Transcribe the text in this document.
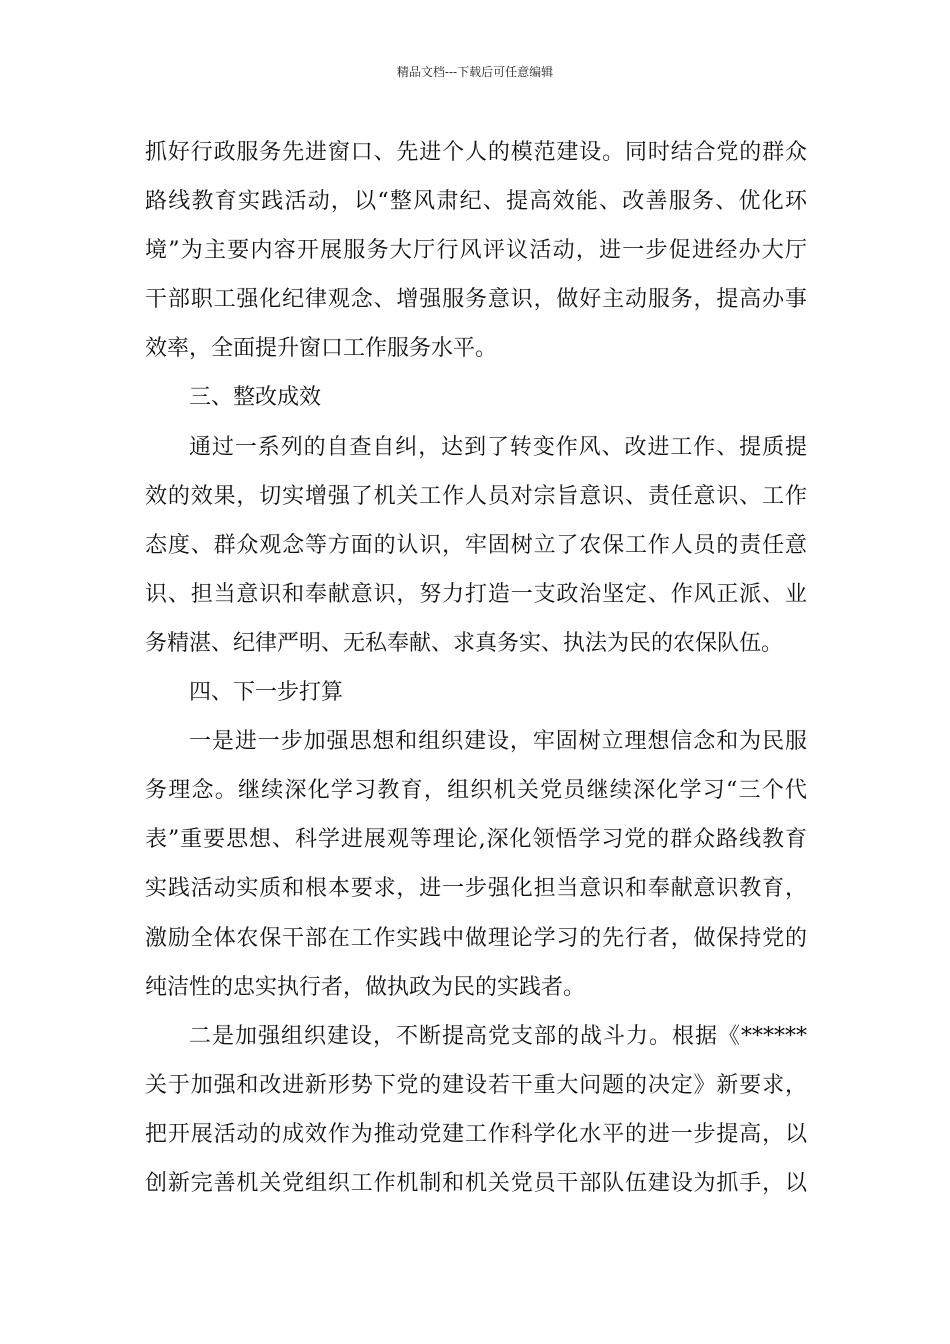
精品文档---下载后可任意编辑
抓好行政服务先进窗口、先进个人的模范建设。同时结合党的群众
路线教育实践活动，以“整风肃纪、提高效能、改善服务、优化环
境”为主要内容开展服务大厅行风评议活动，进一步促进经办大厅
干部职工强化纪律观念、增强服务意识，做好主动服务，提高办事
效率，全面提升窗口工作服务水平。
三、整改成效
通过一系列的自查自纠，达到了转变作风、改进工作、提质提
效的效果，切实增强了机关工作人员对宗旨意识、责任意识、工作
态度、群众观念等方面的认识，牢固树立了农保工作人员的责任意
识、担当意识和奉献意识，努力打造一支政治坚定、作风正派、业
务精湛、纪律严明、无私奉献、求真务实、执法为民的农保队伍。
四、下一步打算
一是进一步加强思想和组织建设，牢固树立理想信念和为民服
务理念。继续深化学习教育，组织机关党员继续深化学习“三个代
表”重要思想、科学进展观等理论,深化领悟学习党的群众路线教育
实践活动实质和根本要求，进一步强化担当意识和奉献意识教育，
激励全体农保干部在工作实践中做理论学习的先行者，做保持党的
纯洁性的忠实执行者，做执政为民的实践者。
二是加强组织建设，不断提高党支部的战斗力。根据《******
关于加强和改进新形势下党的建设若干重大问题的决定》新要求，
把开展活动的成效作为推动党建工作科学化水平的进一步提高，以
创新完善机关党组织工作机制和机关党员干部队伍建设为抓手，以
